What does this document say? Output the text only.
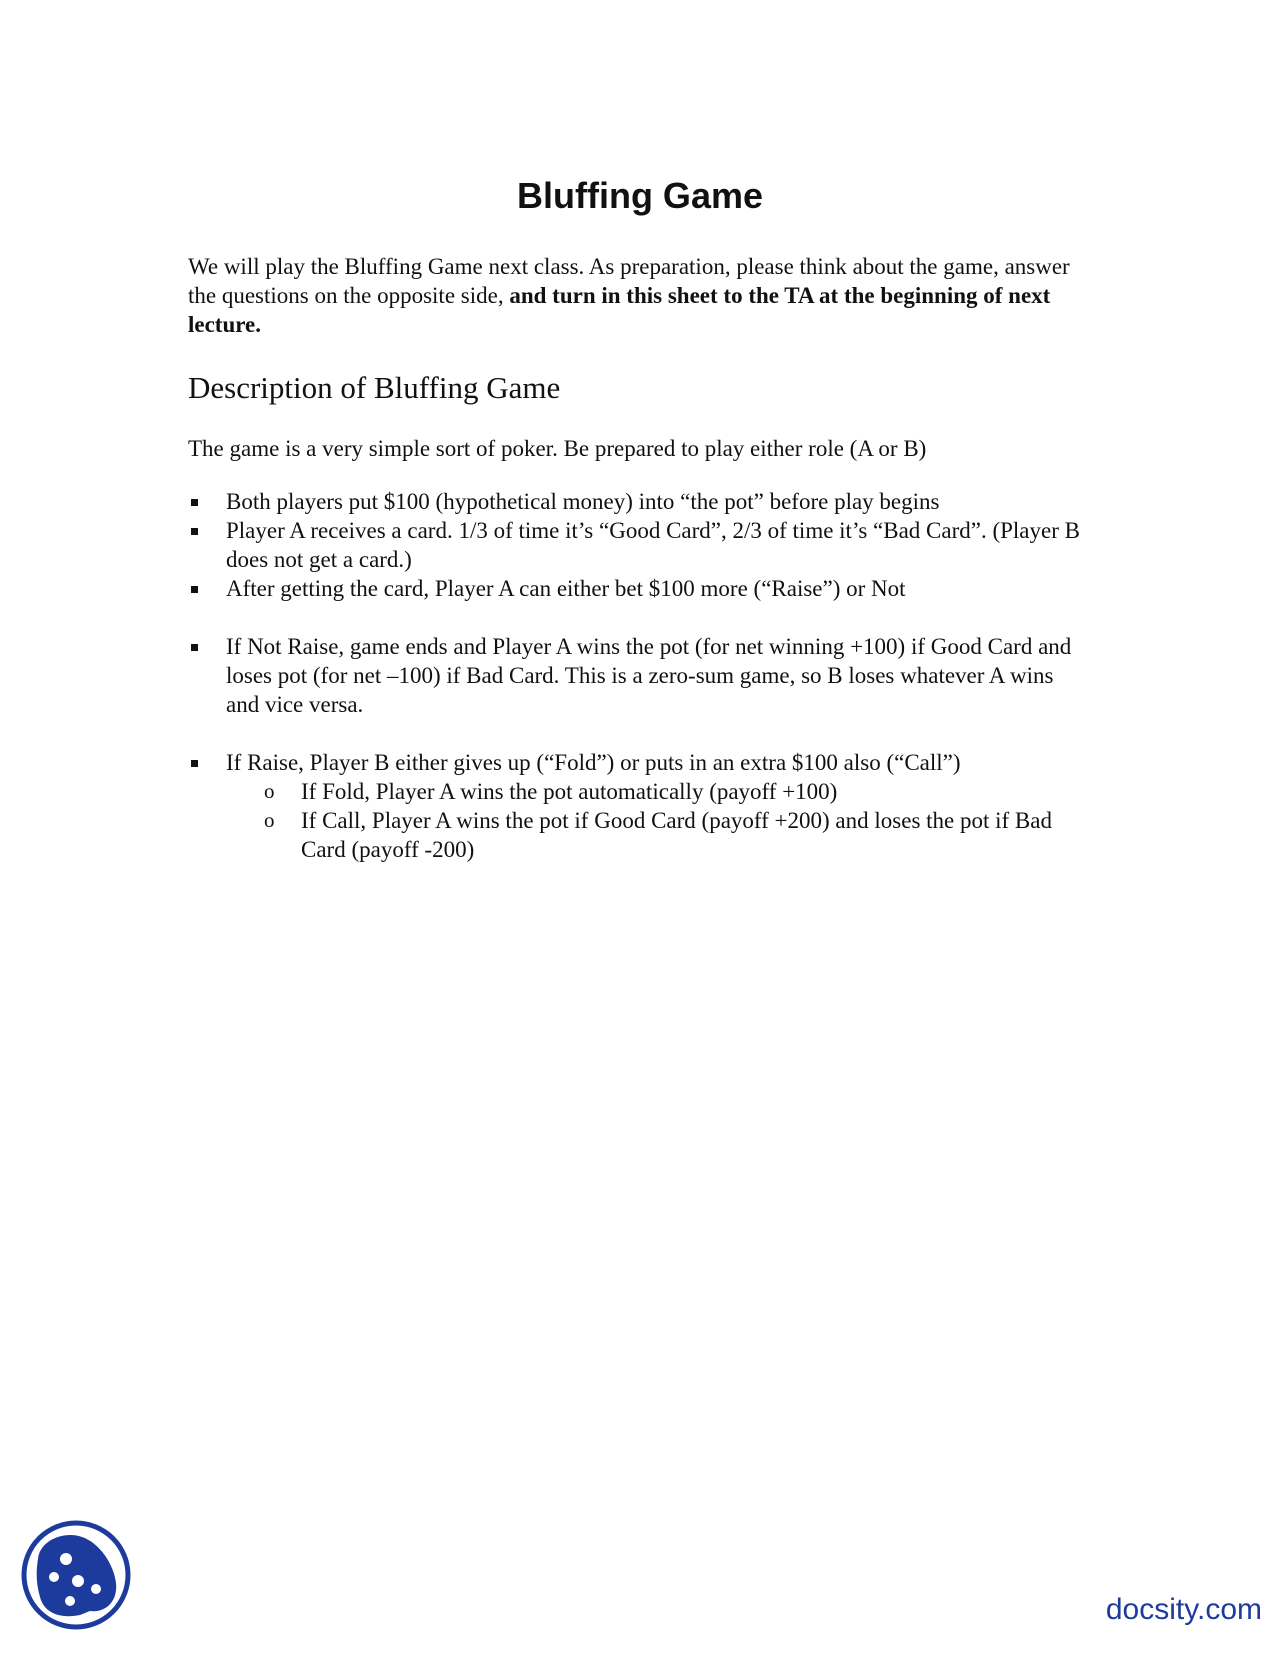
Bluffing Game

We will play the Bluffing Game next class. As preparation, please think about the game, answer the questions on the opposite side, and turn in this sheet to the TA at the beginning of next lecture.

Description of Bluffing Game

The game is a very simple sort of poker. Be prepared to play either role (A or B)

Both players put $100 (hypothetical money) into “the pot” before play begins
Player A receives a card. 1/3 of time it’s “Good Card”, 2/3 of time it’s “Bad Card”. (Player B does not get a card.)
After getting the card, Player A can either bet $100 more (“Raise”) or Not
If Not Raise, game ends and Player A wins the pot (for net winning +100) if Good Card and loses pot (for net –100) if Bad Card. This is a zero-sum game, so B loses whatever A wins and vice versa.
If Raise, Player B either gives up (“Fold”) or puts in an extra $100 also (“Call”)
o If Fold, Player A wins the pot automatically (payoff +100)
o If Call, Player A wins the pot if Good Card (payoff +200) and loses the pot if Bad Card (payoff -200)
docsity.com
